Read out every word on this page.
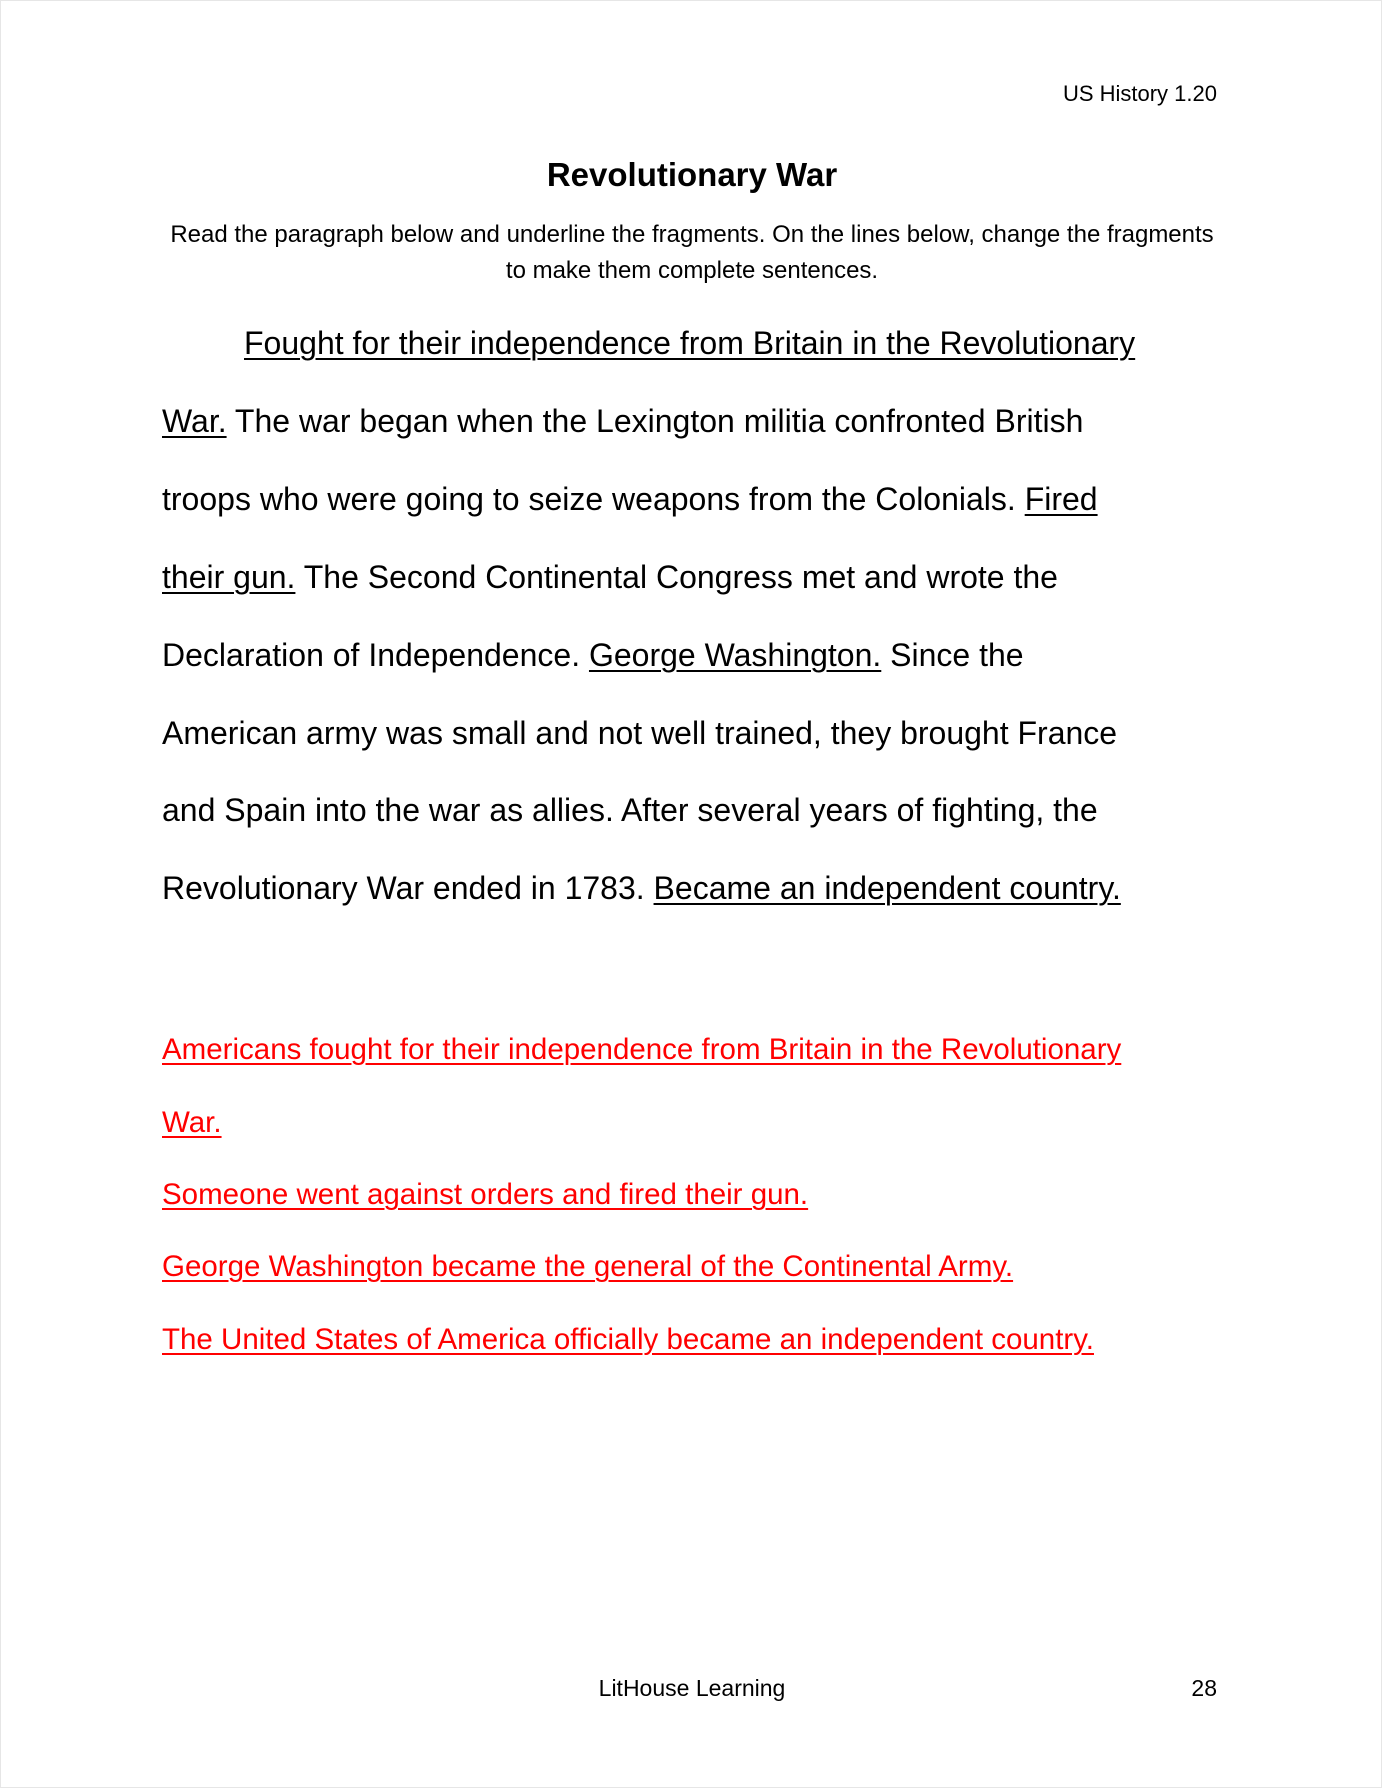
US History 1.20
Revolutionary War
Read the paragraph below and underline the fragments. On the lines below, change the fragments to make them complete sentences.
Fought for their independence from Britain in the Revolutionary
War. The war began when the Lexington militia confronted British
troops who were going to seize weapons from the Colonials. Fired
their gun. The Second Continental Congress met and wrote the
Declaration of Independence. George Washington. Since the
American army was small and not well trained, they brought France
and Spain into the war as allies. After several years of fighting, the
Revolutionary War ended in 1783. Became an independent country.
Americans fought for their independence from Britain in the Revolutionary
War.
Someone went against orders and fired their gun.
George Washington became the general of the Continental Army.
The United States of America officially became an independent country.
LitHouse Learning	28
